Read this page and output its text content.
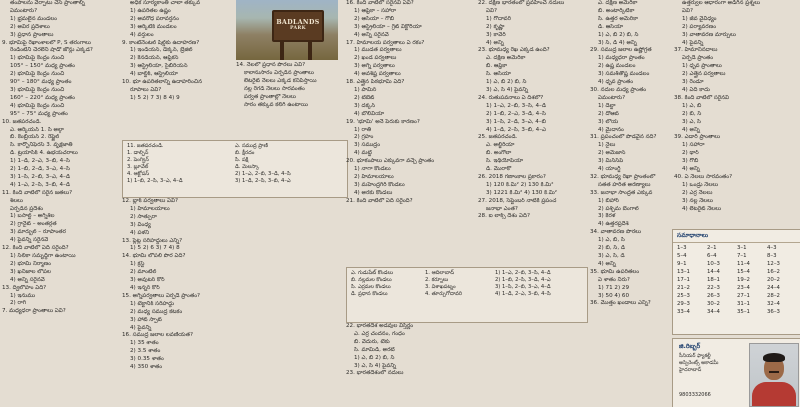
తంపాలను వేర్పాటు చేసే ప్రాంతాల్ని
ఏమంటారు?
1) భ్రమలైన మండలం
2) అవిర ప్రదేశాలు
3) ప్రధాన ప్రాంతాలు
9. భూమిపై రేఖాంశాలలో P, S తరంగాలు
రెండింటినీ చేరలేని షాడో జోన్లు ఎక్కడ?
1) భూమిపై కేంద్రం నుంచి
105° – 150° మధ్య ప్రాంతం
2) భూమిపై కేంద్రం నుంచి
90° – 180° మధ్య ప్రాంతం
3) భూమిపై కేంద్రం నుంచి
160° – 220° మధ్య ప్రాంతం
4) భూమిపై కేంద్రం నుంచి
95° – 75° మధ్య ప్రాంతం
10. జతపరచండి.
ఎ. ఆర్కియన్ 1. సీ అల్గా
బి. కెంబ్రియన్ 2. రెప్టైల్
సి. కార్బోనిఫెరస్ 3. వృక్షజాతి
డి. ట్రయాసిక్ 4. ఉభయచరాలు
1) 1–డి, 2–ఎ, 3–బి, 4–సి
2) 1–బి, 2–డి, 3–ఎ, 4–సి
3) 1–సి, 2–బి, 3–ఎ, 4–డి
4) 1–ఎ, 2–సి, 3–బి, 4–డి
11. కింది వాటిలో సరైన జతలు?
శిలలు
ఏర్పడిన ప్రదేశం
1) బసాల్ట్ – అగ్నిశిల
2) గ్రానైట్ – అంతర్గత
3) మార్బుల్ – రూపాంతర
4) పైవన్నీ సరైనవే
12. కింది వాటిలో ఏది సరైంది?
1) సిలికా సమృద్ధిగా ఉంటాయి
2) భూమి నిర్మాణం
3) ఖనిజాల లోపల
4) అన్నీ సరైనవే
13. ద్విలోహం ఏది?
1) ఇనుము
2) రాగి
7. మధ్యధరా ప్రాంతాలు ఏవి?
అధిక సూర్యకాంతి చాలా తక్కువ
1) ఉపరితల ఉష్ణం
2) అవరోధ పరావర్తనం
3) ఆర్కిటిక్ మండలం
4) వర్తులం
9. కాంటినెంటల్ షీల్డ్‌కు ఉదాహరణ?
1) ఇండియన్, డెక్కన్, బ్రెజిల్
2) కెనడియన్, ఆఫ్రికన్
3) ఆస్ట్రేలియా, సైబీరియన్
4) బాల్టిక్, ఆస్ట్రేలియా
10. భూ ఉపరితలాన్ని ఉదాహరించిన
రూపాలు ఏవి?
1) 5 2) 7 3) 8 4) 9
BADLANDS
PARK
14. నేలలో ప్రధాన పొరలు ఏవి?
కాలానుసారం ఏర్పడిన ప్రాంతాలు
లేటరైట్ నేలలు ఎక్కడ కనిపిస్తాయి
నల్ల రేగడి నేలలు సారవంతం
పర్వత ప్రాంతాల్లో నేలలు
సారం తక్కువ కలిగి ఉంటాయి
11. జతపరచండి.
1. డాల్ఫిన్
2. పెంగ్విన్
3. బ్లూవేల్
4. ఆక్టోపస్
1) 1–బి, 2–సి, 3–ఎ, 4–డి
ఎ. సముద్ర ప్రాణి
బి. క్షీరదం
సి. పక్షి
డి. మెలస్కా
2) 1–ఎ, 2–బి, 3–డి, 4–సి
3) 1–డి, 2–సి, 3–బి, 4–ఎ
12. బ్లాక్ పర్వతాలు ఏవి?
1) హిమాలయాలు
2) సాత్పురా
3) వింధ్య
4) పళని
13. ప్లేట్ల సరిహద్దులు ఎన్ని?
1) 5 2) 6 3) 7 4) 8
14. భూమి లోపలి పొర ఏది?
1) క్రస్ట్
2) మాంటిల్
3) అవుటర్ కోర్
4) ఇన్నర్ కోర్
15. అగ్నిపర్వతాలు ఏర్పడే ప్రాంతం?
1) టెక్టానిక్ సరిహద్దు
2) మధ్య సముద్ర కటకం
3) హాట్ స్పాట్
4) పైవన్నీ
16. సముద్ర జలాల లవణీయత?
1) 35 శాతం
2) 3.5 శాతం
3) 0.35 శాతం
4) 350 శాతం
16. కింది వాటిలో సరైనవి ఏవి?
1) ఆఫ్రికా – సహారా
2) ఆసియా – గోబీ
3) ఆస్ట్రేలియా – గ్రేట్ విక్టోరియా
4) అన్నీ సరైనవే
17. హిమాలయ పర్వతాలు ఏ రకం?
1) ముడత పర్వతాలు
2) ఖండ పర్వతాలు
3) అగ్ని పర్వతాలు
4) అవశిష్ట పర్వతాలు
18. ఎత్తైన పీఠభూమి ఏది?
1) పామీర్
2) టిబెట్
3) దక్కన్
4) బొలీవియా
19. 'భూమి' అనే పేరుకు కారణం?
1) రాతి
2) గ్రహం
3) సముద్రం
4) మట్టి
20. భూకంపాలు ఎక్కువగా వచ్చే ప్రాంతం
1) నాగా కొండలు
2) హిమాలయాలు
3) మహేంద్రగిరి కొండలు
4) అరకు కొండలు
21. కింది వాటిలో ఏది సరైంది?
ఎ. గుడుపేట్ కొండలు
బి. నల్లమల కొండలు
సి. ఎర్రమల కొండలు
డి. ప్రధాన కొండలు
1. ఆదిలాబాద్
2. కర్నూలు
3. విశాఖపట్నం
4. తూర్పుగోదావరి
1) 1–ఎ, 2–బి, 3–సి, 4–డి
2) 1–బి, 2–సి, 3–డి, 4–ఎ
3) 1–సి, 2–బి, 3–ఎ, 4–డి
4) 1–డి, 2–ఎ, 3–బి, 4–సి
22. భారతదేశ అడవుల విస్తీర్ణం
ఎ. ఎర్ర చందనం, గంధం
బి. వెదురు, టేకు
సి. మామిడి, అరటి
1) ఎ, బి 2) బి, సి
3) ఎ, సి 4) పైవన్నీ
23. భారతదేశంలో నదులు
22. దక్షిణ భారతంలో ప్రవహించే నదులు
ఏవి?
1) గోదావరి
2) కృష్ణా
3) కావేరి
4) అన్నీ
23. భూమధ్య రేఖ ఎక్కడ ఉంది?
ఎ. దక్షిణ అమెరికా
బి. ఆఫ్రికా
సి. ఆసియా
1) ఎ, బి 2) బి, సి
3) ఎ, సి 4) పైవన్నీ
24. రుతుపవనాలు ఏ దిశలో?
1) 1–ఎ, 2–బి, 3–సి, 4–డి
2) 1–బి, 2–ఎ, 3–డి, 4–సి
3) 1–సి, 2–డి, 3–ఎ, 4–బి
4) 1–డి, 2–సి, 3–బి, 4–ఎ
25. జతపరచండి.
ఎ. అల్జీరియా
బి. అంగోలా
సి. ఇథియోపియా
డి. మొరాకో
26. 2018 గణాంకాల ప్రకారం?
1) 120 కి.మీ² 2) 130 కి.మీ²
3) 1221 కి.మీ² 4) 130 కి.మీ²
27. 2018, సెప్టెంబర్ నాటికి ప్రపంచ
జనాభా ఎంత?
28. ఐ లాక్స్ దేశం ఏది?
ఎ. దక్షిణ అమెరికా
బి. అంటార్కిటికా
సి. ఉత్తర అమెరికా
డి. ఆసియా
1) ఎ, బి 2) బి, సి
3) సి, డి 4) అన్నీ
29. సముద్ర జలాల ఉష్ణోగ్రత
1) మధ్యధరా ప్రాంతం
2) ఉష్ణ మండలం
3) సమశీతోష్ణ మండలం
4) ధృవ ప్రాంతం
30. నదుల మధ్య ప్రాంతం
ఏమంటారు?
1) డెల్టా
2) దోఆబ్
3) లోయ
4) మైదానం
31. ప్రపంచంలో పొడవైన నది?
1) నైలు
2) అమెజాన్
3) మిసిసిపి
4) యాంగ్జీ
32. భూమధ్య రేఖా ప్రాంతంలో
సతత హరిత అరణ్యాలు
33. జనాభా సాంద్రత ఎక్కువ
1) బిహార్
2) పశ్చిమ బెంగాల్
3) కేరళ
4) ఉత్తరప్రదేశ్
34. వాతావరణ పొరలు
1) ఎ, బి, సి
2) బి, సి, డి
3) ఎ, సి, డి
4) అన్నీ
35. భూమి ఉపరితలం
ఏ శాతం నీరు?
1) 71 2) 29
3) 50 4) 60
36. మొత్తం ఖండాలు ఎన్ని?
ఉత్తర్వుల ఆధారంగా అడిగిన ప్రశ్నలు
ఏవి?
1) జీవ వైవిధ్యం
2) పర్యావరణం
3) వాతావరణ మార్పులు
4) పైవన్నీ
37. హిమానీనదాలు
ఏర్పడే ప్రాంతం
1) ధృవ ప్రాంతాలు
2) ఎత్తైన పర్వతాలు
3) రెండూ
4) ఏదీ కాదు
38. కింది వాటిలో సరైనవి
1) ఎ, బి
2) బి, సి
3) ఎ, సి
4) అన్నీ
39. ఎడారి ప్రాంతాలు
1) సహారా
2) థార్
3) గోబీ
4) అన్నీ
40. ఏ నేలలు సారవంతం?
1) ఒండ్రు నేలలు
2) ఎర్ర నేలలు
3) నల్ల నేలలు
4) లేటరైట్ నేలలు
సమాధానాలు
1–3	2–1	3–1	4–3
5–4	6–4	7–1	8–3
9–1	10–3	11–4	12–3
13–1	14–4	15–4	16–2
17–1	18–1	19–2	20–2
21–2	22–3	23–4	24–4
25–3	26–3	27–1	28–2
29–3	30–2	31–1	32–4
33–4	34–4	35–1	36–3
జి.రిబ్బర్
సీనియర్ ఫ్యాకల్టీ
అస్పిరెంట్స్ అకాడమీ
హైదరాబాద్
9803332066
